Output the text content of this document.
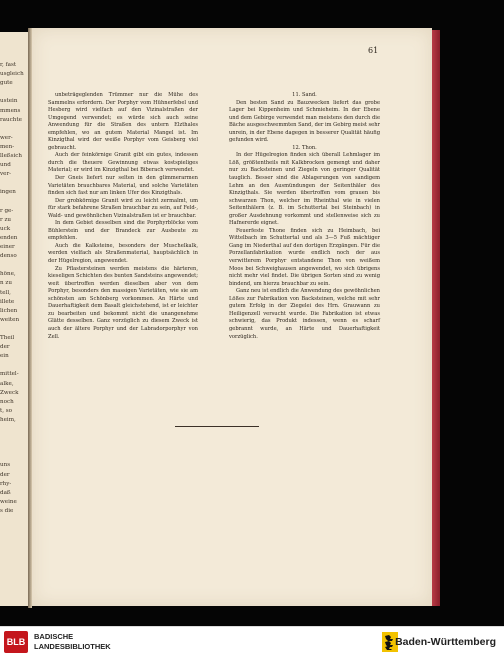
r, fast
usgleich
gute
ustein
mmens
rauchte
wer-
men-
lleßsich
und
ver-
ingen
r ge-
r zu
uck
enden
einer
denso
höne,
n zu
tell,
illete
lichen
weiten
Theil
der
ein
mittel-
alke,
Zweck
noch
t, so
heim,
uns
der
rhy-
daß
weine
s die
61

unbeträgeglenden Trümmer nur die Mühe des Sammelns erfordern. Der Porphyr vom Hühnerfebel und Hesberg wird vielfach auf den Vizinalstraßen der Umgegend verwendet; es würde sich auch seine Anwendung für die Straßen des untern Elzthales empfehlen, wo an gutem Material Mangel ist. Im Kinzigthal wird der weiße Porphyr vom Geisberg viel gebraucht.

Auch der feinkörnige Granit gibt ein gutes, indessen durch die theuere Gewinnung etwas kostspieliges Material; er wird im Kinzigthal bei Biberach verwendet.

Der Gneis liefert nur selten in den glimmerarmen Varietäten brauchbares Material, und solche Varietäten finden sich fast nur am linken Ufer des Kinzigthals.

Der grobkörnige Granit wird zu leicht zermalmt, um für stark befahrene Straßen brauchbar zu sein, auf Feld-, Wald- und gewöhnlichen Vizinalstraßen ist er brauchbar.

In dem Gebiet desselben sind die Porphyrblöcke vom Bühlerstein und der Brandeck zur Ausbeute zu empfehlen.

Auch die Kalksteine, besonders der Muschelkalk, werden vielfach als Straßenmaterial, hauptsächlich in der Hügelregion, angewendet.

Zu Pflastersteinen werden meistens die härteren, kieseligen Schichten des bunten Sandsteins angewendet; weit übertroffen werden dieselben aber von dem Porphyr, besonders den massigen Varietäten, wie sie am schönsten am Schönberg vorkommen. An Härte und Dauerhaftigkeit dem Basalt gleichstehend, ist er leichter zu bearbeiten und bekommt nicht die unangenehme Glätte desselben. Ganz vorzüglich zu diesem Zweck ist auch der ältere Porphyr und der Labradorporphyr von Zell.

11. Sand.

Den besten Sand zu Bauzwecken liefert das grobe Lager bei Kippenheim und Schmieheim. In der Ebene und dem Gebirge verwendet man meistens den durch die Bäche ausgeschwemmten Sand, der im Gebirg meist sehr unrein, in der Ebene dagegen in besserer Qualität häufig gefunden wird.

12. Thon.

In der Hügelregion finden sich überall Lehmlager im Löß, größtentheils mit Kalkbrocken gemengt und daher nur zu Backsteinen und Ziegeln von geringer Qualität tauglich. Besser sind die Ablagerungen von sandigem Lehm an den Ausmündungen der Seitenthäler des Kinzigthals. Sie werden übertroffen vom grauen bis schwarzen Thon, welcher im Rheinthal wie in vielen Seitenthälern (z. B. im Schuttertal bei Steinbach) in großer Ausdehnung vorkommt und stellenweise sich zu Hafnererde eignet.

Feuerfeste Thone finden sich zu Heimbach, bei Wittelbach im Schuttertal und als 3—5 Fuß mächtiger Gang im Niederthal auf den dortigen Erzgängen. Für die Porzellanfabrikation wurde endlich noch der aus verwitterem Porphyr entstandene Thon von weißem Moos bei Schweighausen angewendet, wo sich übrigens nicht mehr viel findet. Die übrigen Sorten sind zu wenig bindend, um hierzu brauchbar zu sein.

Ganz neu ist endlich die Anwendung des gewöhnlichen Lößes zur Fabrikation von Backsteinen, welche mit sehr gutem Erfolg in der Ziegelei des Hrn. Grauwann zu Heiligenzell versucht wurde. Die Fabrikation ist etwas schwierig, das Produkt indessen, wenn es scharf gebrannt wurde, an Härte und Dauerhaftigkeit vorzüglich.

BLB
BADISCHE
LANDESBIBLIOTHEK	Baden-Württemberg
